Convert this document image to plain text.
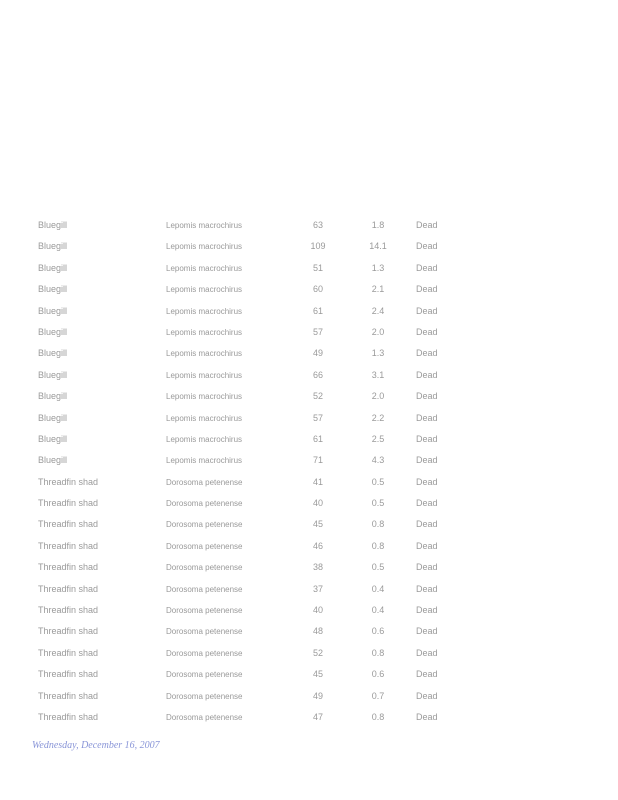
Bluegill	Lepomis macrochirus	63	1.8	Dead
Bluegill	Lepomis macrochirus	109	14.1	Dead
Bluegill	Lepomis macrochirus	51	1.3	Dead
Bluegill	Lepomis macrochirus	60	2.1	Dead
Bluegill	Lepomis macrochirus	61	2.4	Dead
Bluegill	Lepomis macrochirus	57	2.0	Dead
Bluegill	Lepomis macrochirus	49	1.3	Dead
Bluegill	Lepomis macrochirus	66	3.1	Dead
Bluegill	Lepomis macrochirus	52	2.0	Dead
Bluegill	Lepomis macrochirus	57	2.2	Dead
Bluegill	Lepomis macrochirus	61	2.5	Dead
Bluegill	Lepomis macrochirus	71	4.3	Dead
Threadfin shad	Dorosoma petenense	41	0.5	Dead
Threadfin shad	Dorosoma petenense	40	0.5	Dead
Threadfin shad	Dorosoma petenense	45	0.8	Dead
Threadfin shad	Dorosoma petenense	46	0.8	Dead
Threadfin shad	Dorosoma petenense	38	0.5	Dead
Threadfin shad	Dorosoma petenense	37	0.4	Dead
Threadfin shad	Dorosoma petenense	40	0.4	Dead
Threadfin shad	Dorosoma petenense	48	0.6	Dead
Threadfin shad	Dorosoma petenense	52	0.8	Dead
Threadfin shad	Dorosoma petenense	45	0.6	Dead
Threadfin shad	Dorosoma petenense	49	0.7	Dead
Threadfin shad	Dorosoma petenense	47	0.8	Dead
Wednesday, December 16, 2007
